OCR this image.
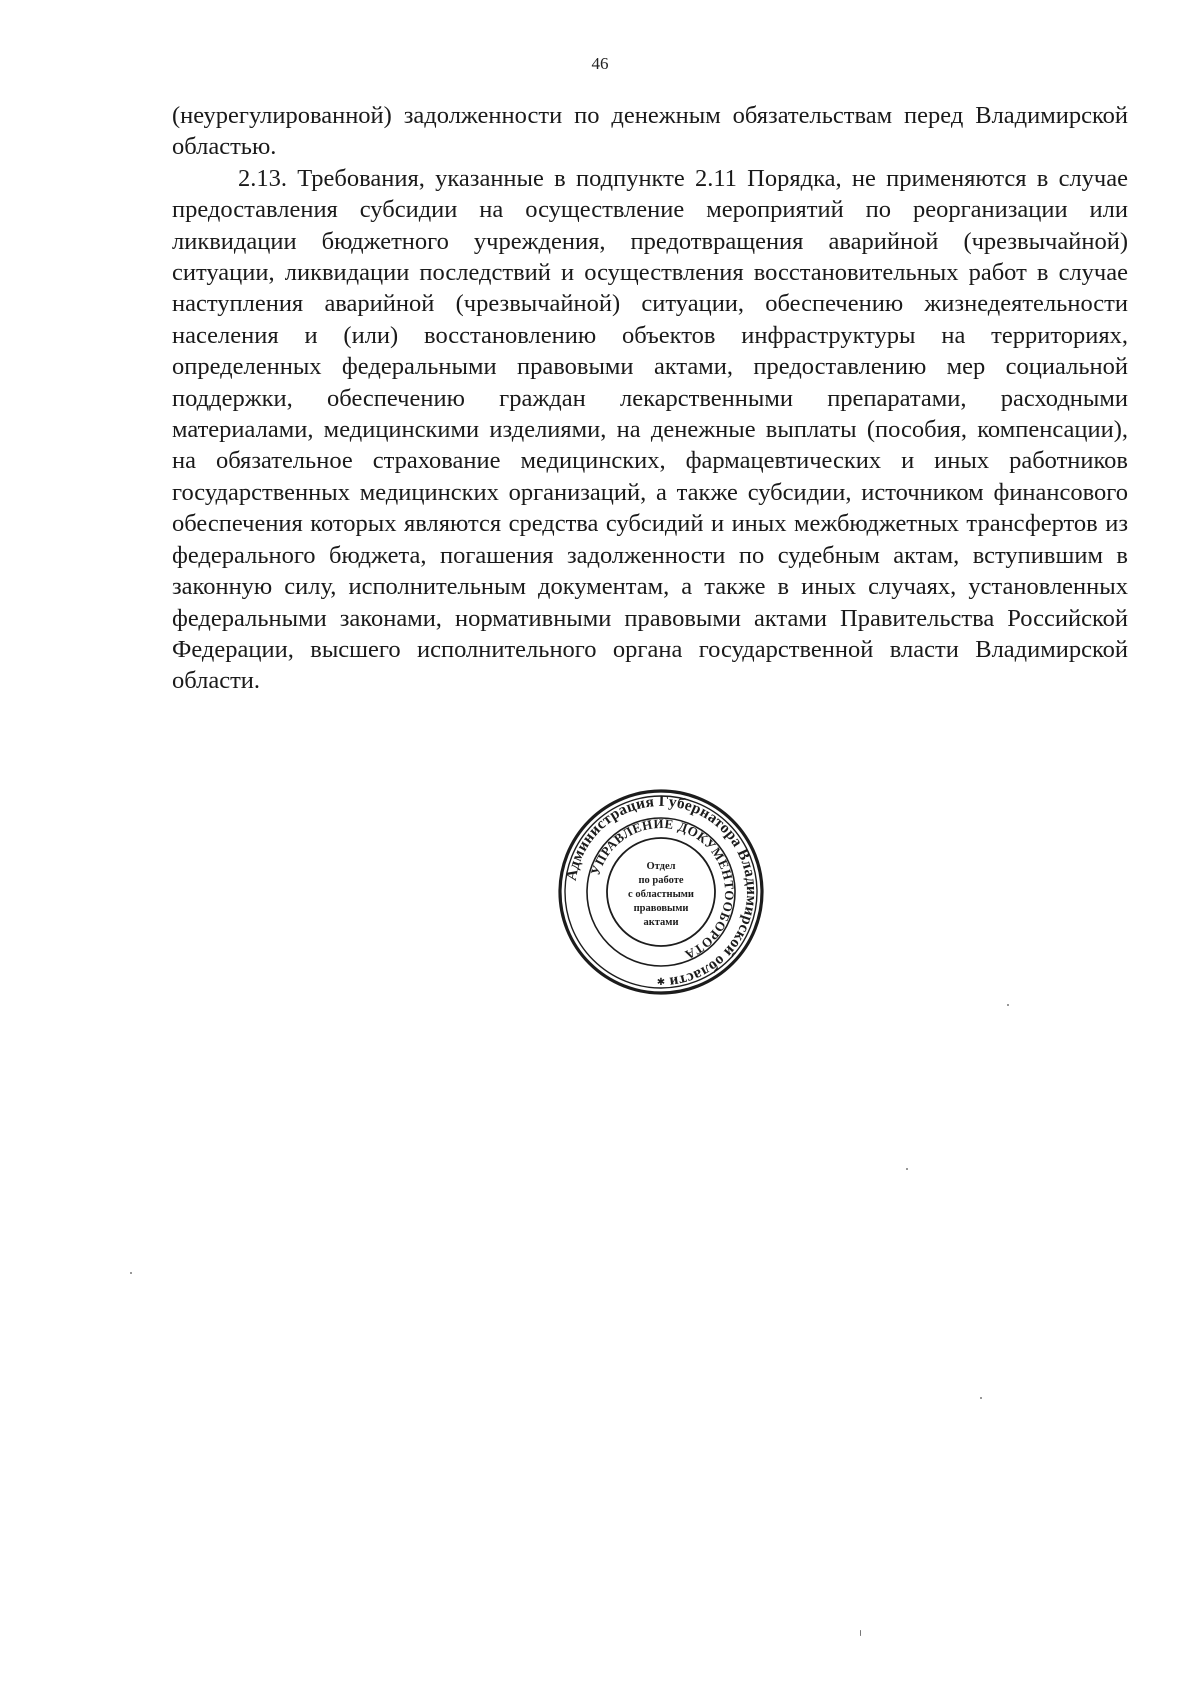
46

(неурегулированной) задолженности по денежным обязательствам перед Владимирской областью.

2.13. Требования, указанные в подпункте 2.11 Порядка, не применяются в случае предоставления субсидии на осуществление мероприятий по реорганизации или ликвидации бюджетного учреждения, предотвращения аварийной (чрезвычайной) ситуации, ликвидации последствий и осуществления восстановительных работ в случае наступления аварийной (чрезвычайной) ситуации, обеспечению жизнедеятельности населения и (или) восстановлению объектов инфраструктуры на территориях, определенных федеральными правовыми актами, предоставлению мер социальной поддержки, обеспечению граждан лекарственными препаратами, расходными материалами, медицинскими изделиями, на денежные выплаты (пособия, компенсации), на обязательное страхование медицинских, фармацевтических и иных работников государственных медицинских организаций, а также субсидии, источником финансового обеспечения которых являются средства субсидий и иных межбюджетных трансфертов из федерального бюджета, погашения задолженности по судебным актам, вступившим в законную силу, исполнительным документам, а также в иных случаях, установленных федеральными законами, нормативными правовыми актами Правительства Российской Федерации, высшего исполнительного органа государственной власти Владимирской области.

Администрация Губернатора Владимирской области
УПРАВЛЕНИЕ ДОКУМЕНТООБОРОТА
Отдел
по работе
с областными
правовыми
актами
✱
